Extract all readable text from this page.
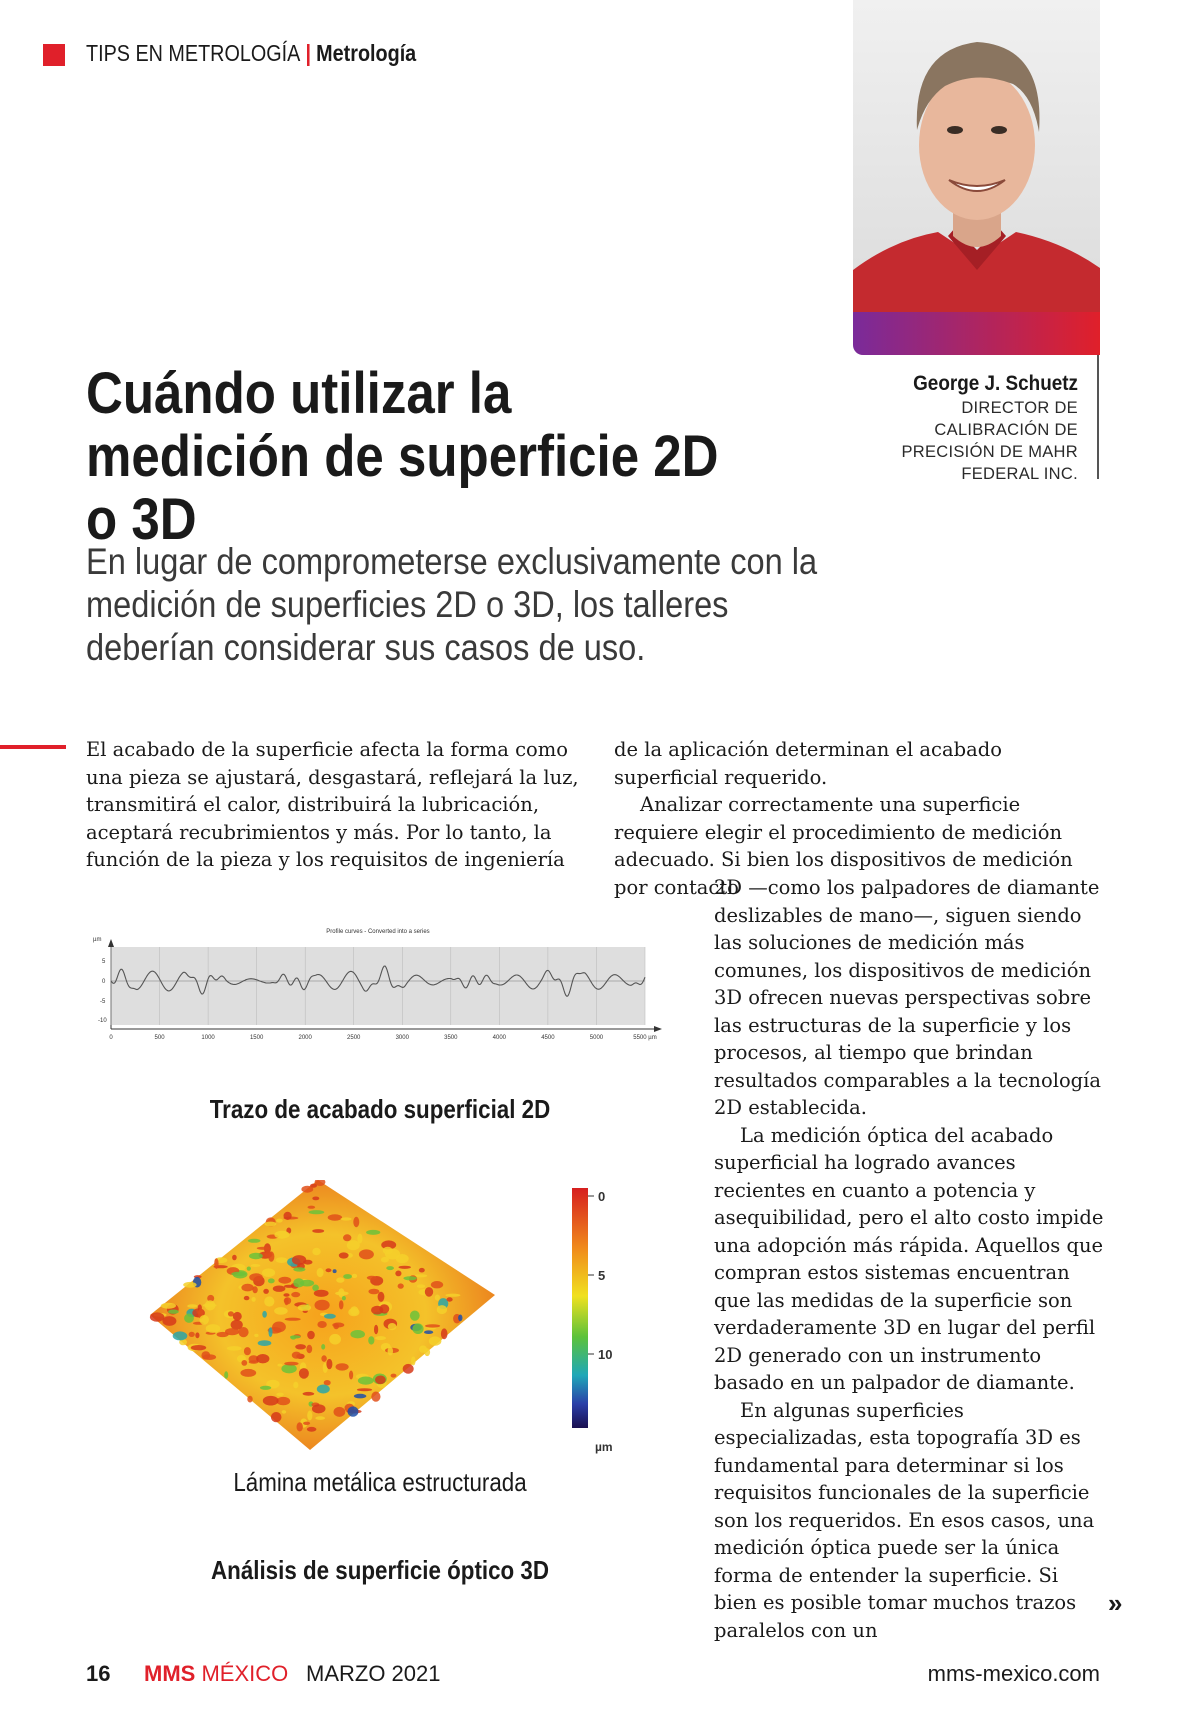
TIPS EN METROLOGÍA | Metrología
George J. Schuetz
DIRECTOR DE CALIBRACIÓN DE PRECISIÓN DE MAHR FEDERAL INC.
Cuándo utilizar la medición de superficie 2D o 3D
En lugar de comprometerse exclusivamente con la medición de superficies 2D o 3D, los talleres deberían considerar sus casos de uso.

El acabado de la superficie afecta la forma como una pieza se ajustará, desgastará, reflejará la luz, transmitirá el calor, distribuirá la lubricación, aceptará recubrimientos y más. Por lo tanto, la función de la pieza y los requisitos de ingeniería

de la aplicación determinan el acabado superficial requerido.

Analizar correctamente una superficie requiere elegir el procedimiento de medición adecuado. Si bien los dispositivos de medición por contacto

2D —como los palpadores de diamante deslizables de mano—, siguen siendo las soluciones de medición más comunes, los dispositivos de medición 3D ofrecen nuevas perspectivas sobre las estructuras de la superficie y los procesos, al tiempo que brindan resultados comparables a la tecnología 2D establecida.

La medición óptica del acabado superficial ha logrado avances recientes en cuanto a potencia y asequibilidad, pero el alto costo impide una adopción más rápida. Aquellos que compran estos sistemas encuentran que las medidas de la superficie son verdaderamente 3D en lugar del perfil 2D generado con un instrumento basado en un palpador de diamante.

En algunas superficies especializadas, esta topografía 3D es fundamental para determinar si los requisitos funcionales de la superficie son los requeridos. En esos casos, una medición óptica puede ser la única forma de entender la superficie. Si bien es posible tomar muchos trazos paralelos con un

»
Profile curves - Converted into a series
µm
5
0
-5
-10
0	500	1000	1500	2000	2500	3000	3500	4000	4500	5000	5500 µm
Trazo de acabado superficial 2D
0
5
10
µm
Lámina metálica estructurada
Análisis de superficie óptico 3D
16 MMS MÉXICO MARZO 2021	mms-mexico.com
